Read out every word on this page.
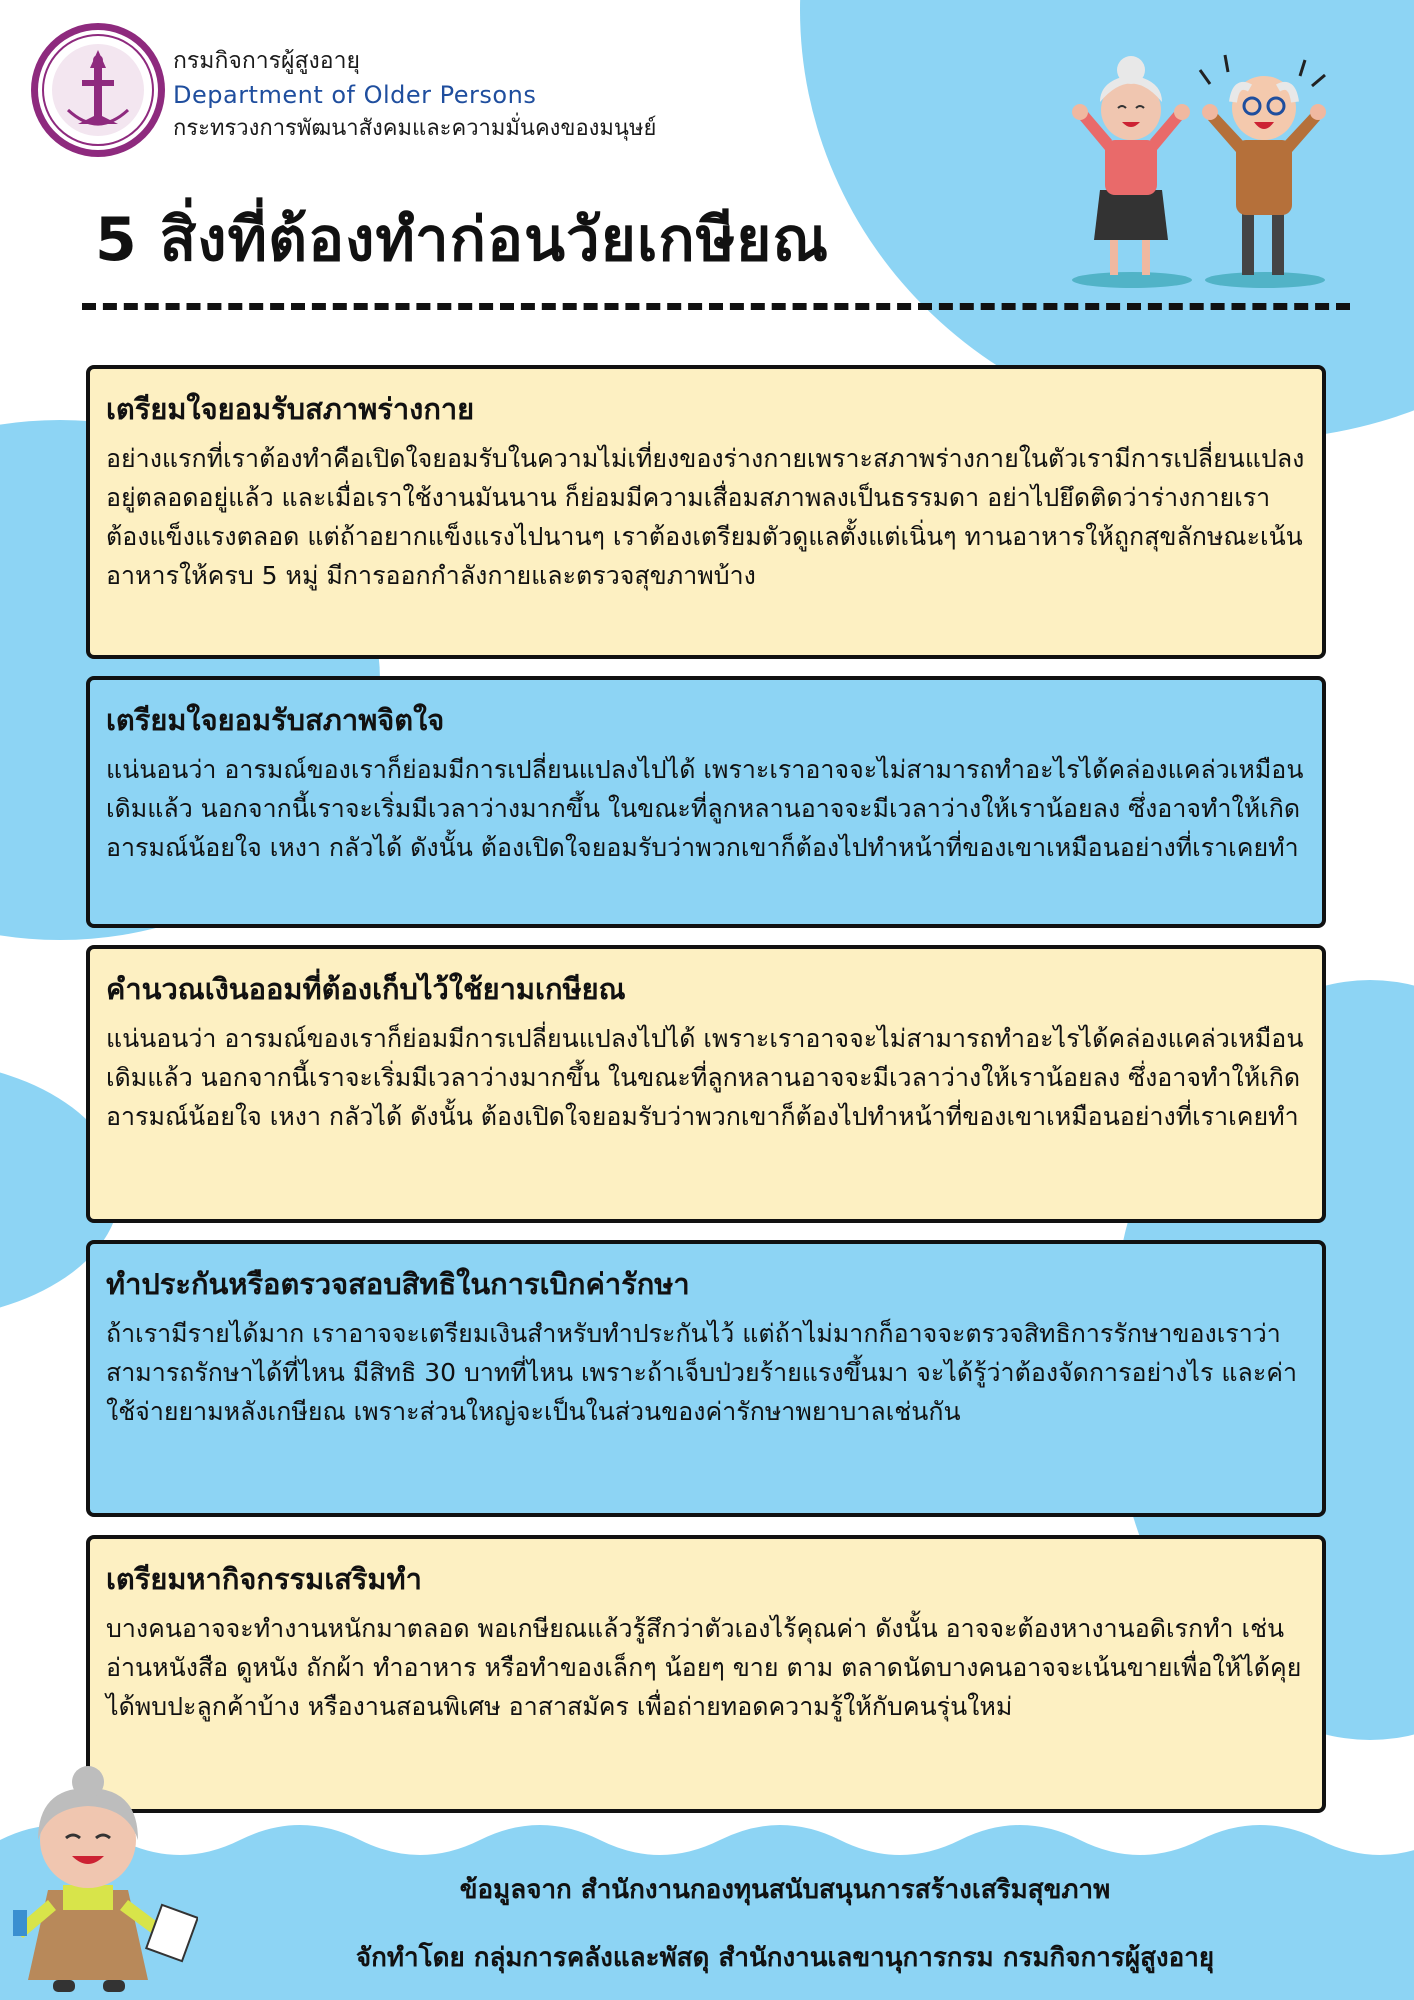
กรมกิจการผู้สูงอายุ
Department of Older Persons
กระทรวงการพัฒนาสังคมและความมั่นคงของมนุษย์
5 สิ่งที่ต้องทำก่อนวัยเกษียณ
เตรียมใจยอมรับสภาพร่างกาย

อย่างแรกที่เราต้องทำคือเปิดใจยอมรับในความไม่เที่ยงของร่างกายเพราะสภาพร่างกายในตัวเรามีการเปลี่ยนแปลงอยู่ตลอดอยู่แล้ว และเมื่อเราใช้งานมันนาน ก็ย่อมมีความเสื่อมสภาพลงเป็นธรรมดา อย่าไปยึดติดว่าร่างกายเราต้องแข็งแรงตลอด แต่ถ้าอยากแข็งแรงไปนานๆ เราต้องเตรียมตัวดูแลตั้งแต่เนิ่นๆ ทานอาหารให้ถูกสุขลักษณะเน้นอาหารให้ครบ 5 หมู่ มีการออกกำลังกายและตรวจสุขภาพบ้าง

เตรียมใจยอมรับสภาพจิตใจ

แน่นอนว่า อารมณ์ของเราก็ย่อมมีการเปลี่ยนแปลงไปได้ เพราะเราอาจจะไม่สามารถทำอะไรได้คล่องแคล่วเหมือนเดิมแล้ว นอกจากนี้เราจะเริ่มมีเวลาว่างมากขึ้น ในขณะที่ลูกหลานอาจจะมีเวลาว่างให้เราน้อยลง ซึ่งอาจทำให้เกิดอารมณ์น้อยใจ เหงา กลัวได้ ดังนั้น ต้องเปิดใจยอมรับว่าพวกเขาก็ต้องไปทำหน้าที่ของเขาเหมือนอย่างที่เราเคยทำ

คำนวณเงินออมที่ต้องเก็บไว้ใช้ยามเกษียณ

แน่นอนว่า อารมณ์ของเราก็ย่อมมีการเปลี่ยนแปลงไปได้ เพราะเราอาจจะไม่สามารถทำอะไรได้คล่องแคล่วเหมือนเดิมแล้ว นอกจากนี้เราจะเริ่มมีเวลาว่างมากขึ้น ในขณะที่ลูกหลานอาจจะมีเวลาว่างให้เราน้อยลง ซึ่งอาจทำให้เกิดอารมณ์น้อยใจ เหงา กลัวได้ ดังนั้น ต้องเปิดใจยอมรับว่าพวกเขาก็ต้องไปทำหน้าที่ของเขาเหมือนอย่างที่เราเคยทำ

ทำประกันหรือตรวจสอบสิทธิในการเบิกค่ารักษา

ถ้าเรามีรายได้มาก เราอาจจะเตรียมเงินสำหรับทำประกันไว้ แต่ถ้าไม่มากก็อาจจะตรวจสิทธิการรักษาของเราว่าสามารถรักษาได้ที่ไหน มีสิทธิ 30 บาทที่ไหน เพราะถ้าเจ็บป่วยร้ายแรงขึ้นมา จะได้รู้ว่าต้องจัดการอย่างไร และค่าใช้จ่ายยามหลังเกษียณ เพราะส่วนใหญ่จะเป็นในส่วนของค่ารักษาพยาบาลเช่นกัน

เตรียมหากิจกรรมเสริมทำ

บางคนอาจจะทำงานหนักมาตลอด พอเกษียณแล้วรู้สึกว่าตัวเองไร้คุณค่า ดังนั้น อาจจะต้องหางานอดิเรกทำ เช่น อ่านหนังสือ ดูหนัง ถักผ้า ทำอาหาร หรือทำของเล็กๆ น้อยๆ ขาย ตาม ตลาดนัดบางคนอาจจะเน้นขายเพื่อให้ได้คุย ได้พบปะลูกค้าบ้าง หรืองานสอนพิเศษ อาสาสมัคร เพื่อถ่ายทอดความรู้ให้กับคนรุ่นใหม่

ข้อมูลจาก สำนักงานกองทุนสนับสนุนการสร้างเสริมสุขภาพ
จักทำโดย กลุ่มการคลังและพัสดุ สำนักงานเลขานุการกรม กรมกิจการผู้สูงอายุ
